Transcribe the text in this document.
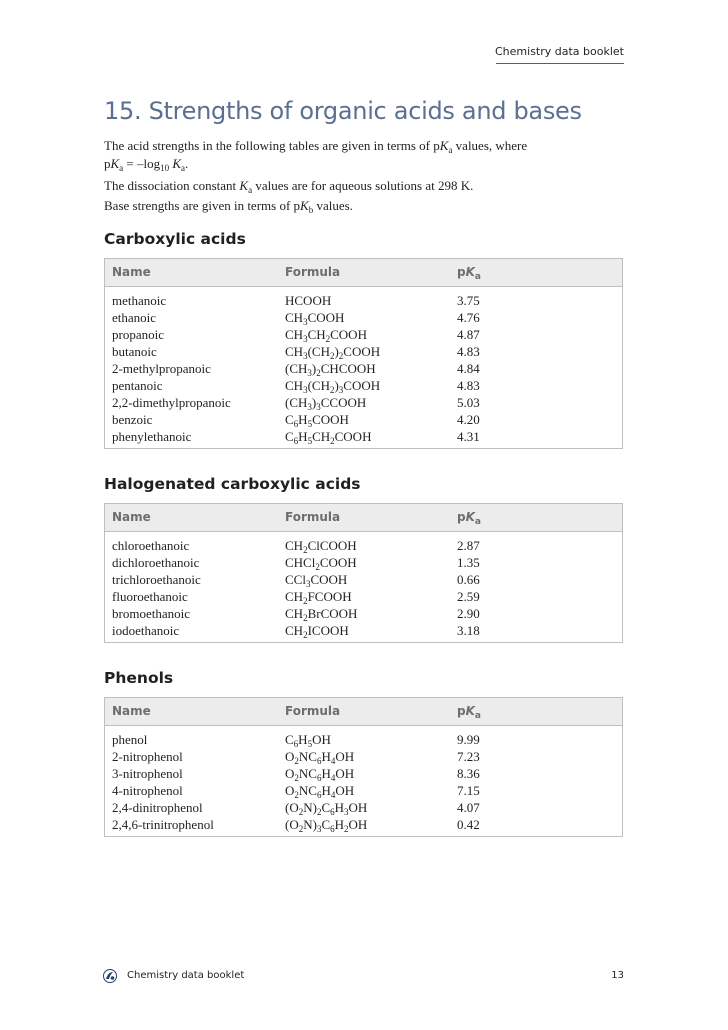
Chemistry data booklet
15. Strengths of organic acids and bases

The acid strengths in the following tables are given in terms of $pK_a$ values, where

$pK_a = -\log_{10}$ $K_a$.

The dissociation constant $K_a$ values are for aqueous solutions at 298 K.

Base strengths are given in terms of $pK_b$ values.

Carboxylic acids
Name	Formula	$pK_a$
methanoic	HCOOH	3.75
ethanoic	$CH_3COOH$	4.76
propanoic	$CH_3CH_2COOH$	4.87
butanoic	$CH_3(CH_2)_2COOH$	4.83
2-methylpropanoic	$(CH_3)_2CHCOOH$	4.84
pentanoic	$CH_3(CH_2)_3COOH$	4.83
2,2-dimethylpropanoic	$(CH_3)_3CCOOH$	5.03
benzoic	$C_6H_5COOH$	4.20
phenylethanoic	$C_6H_5CH_2COOH$	4.31
Halogenated carboxylic acids
Name	Formula	$pK_a$
chloroethanoic	$CH_2ClCOOH$	2.87
dichloroethanoic	CHCl$_2$COOH	1.35
trichloroethanoic	CCl$_3$COOH	0.66
fluoroethanoic	$CH_2FCOOH$	2.59
bromoethanoic	$CH_2BrCOOH$	2.90
iodoethanoic	$CH_2ICOOH$	3.18
Phenols
Name	Formula	$pK_a$
phenol	$C_6H_5OH$	9.99
2-nitrophenol	$O_2NC_6H_4OH$	7.23
3-nitrophenol	$O_2NC_6H_4OH$	8.36
4-nitrophenol	$O_2NC_6H_4OH$	7.15
2,4-dinitrophenol	$(O_2N)_2C_6H_3OH$	4.07
2,4,6-trinitrophenol	$(O_2N)_3C_6H_2OH$	0.42
Chemistry data booklet	13
